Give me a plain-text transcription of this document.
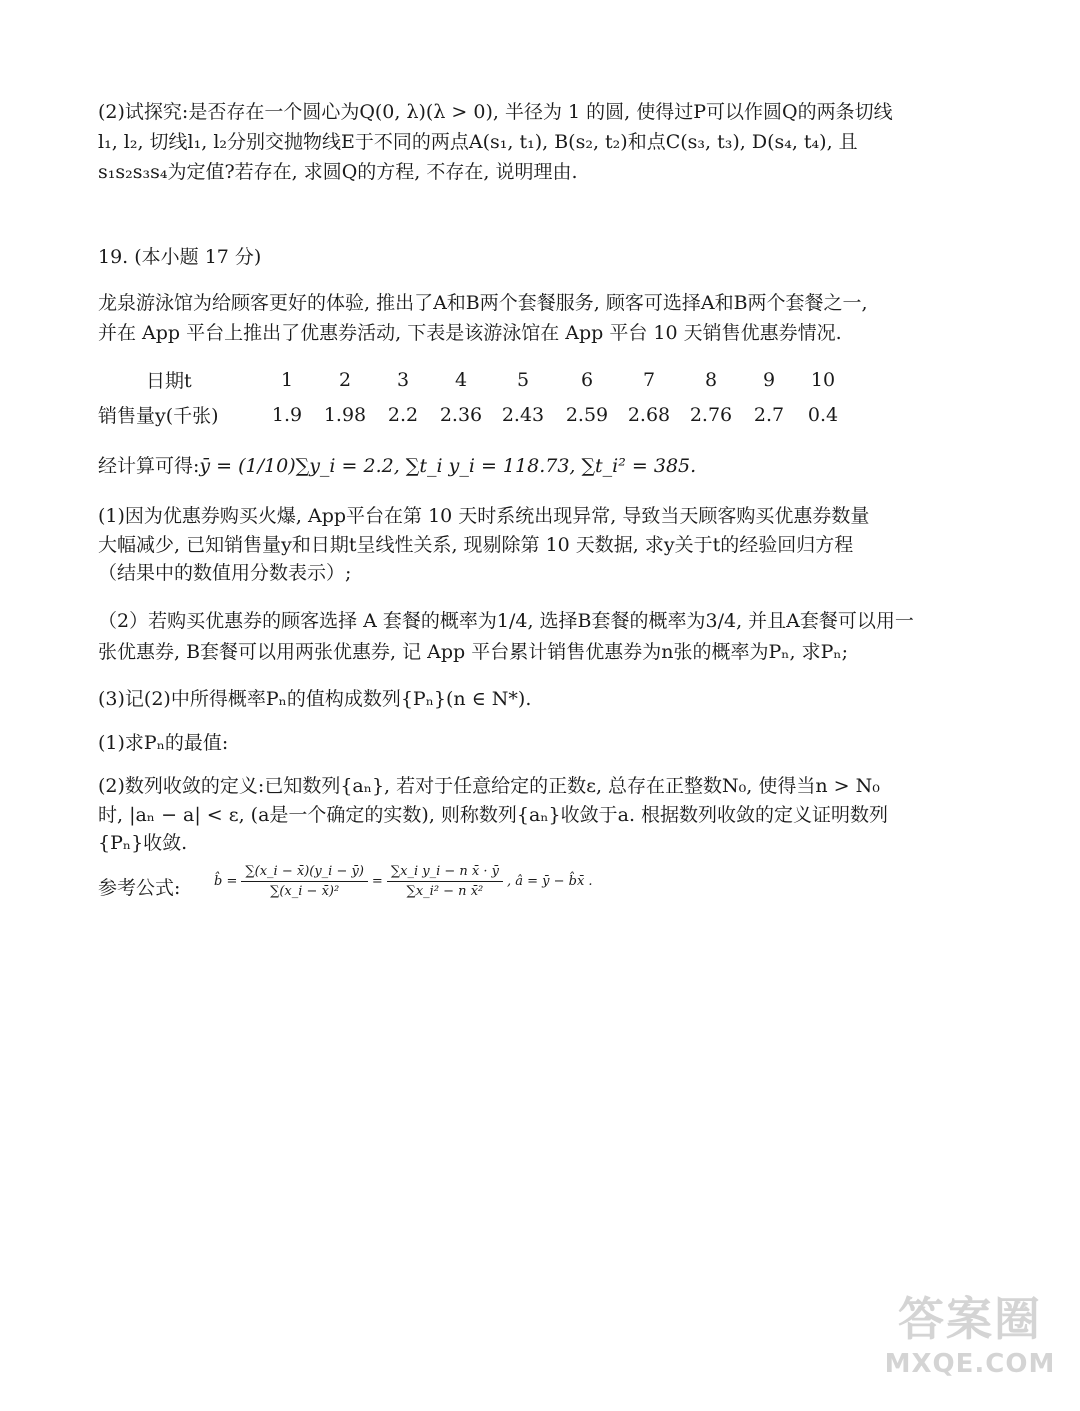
(2)试探究:是否存在一个圆心为Q(0, λ)(λ > 0), 半径为 1 的圆, 使得过P可以作圆Q的两条切线
l₁, l₂, 切线l₁, l₂分别交抛物线E于不同的两点A(s₁, t₁), B(s₂, t₂)和点C(s₃, t₃), D(s₄, t₄), 且
s₁s₂s₃s₄为定值?若存在, 求圆Q的方程, 不存在, 说明理由.
19. (本小题 17 分)
龙泉游泳馆为给顾客更好的体验, 推出了A和B两个套餐服务, 顾客可选择A和B两个套餐之一,
并在 App 平台上推出了优惠券活动, 下表是该游泳馆在 App 平台 10 天销售优惠券情况.
日期t	1	2	3	4	5	6	7	8	9	10
销售量y(千张)	1.9	1.98	2.2	2.36	2.43	2.59	2.68	2.76	2.7	0.4
经计算可得:ȳ = (1/10)∑y_i = 2.2, ∑t_i y_i = 118.73, ∑t_i² = 385.
(1)因为优惠券购买火爆, App平台在第 10 天时系统出现异常, 导致当天顾客购买优惠券数量
大幅减少, 已知销售量y和日期t呈线性关系, 现剔除第 10 天数据, 求y关于t的经验回归方程
（结果中的数值用分数表示）;
（2）若购买优惠券的顾客选择 A 套餐的概率为1/4, 选择B套餐的概率为3/4, 并且A套餐可以用一
张优惠券, B套餐可以用两张优惠券, 记 App 平台累计销售优惠券为n张的概率为Pₙ, 求Pₙ;
(3)记(2)中所得概率Pₙ的值构成数列{Pₙ}(n ∈ N*).
(1)求Pₙ的最值:
(2)数列收敛的定义:已知数列{aₙ}, 若对于任意给定的正数ε, 总存在正整数N₀, 使得当n > N₀
时, |aₙ − a| < ε, (a是一个确定的实数), 则称数列{aₙ}收敛于a. 根据数列收敛的定义证明数列
{Pₙ}收敛.
参考公式:	b̂ = $\frac{\sum(x\_i - x̄)(y\_i - ȳ)}{\text{∑(x\_i − x̄)²}} = \frac{\text{∑x\_i y\_i − n x̄ · ȳ}}{\text{∑x\_i² − n x̄²}}$ , â = ȳ − b̂x̄ .
答案圈
MXQE.COM
